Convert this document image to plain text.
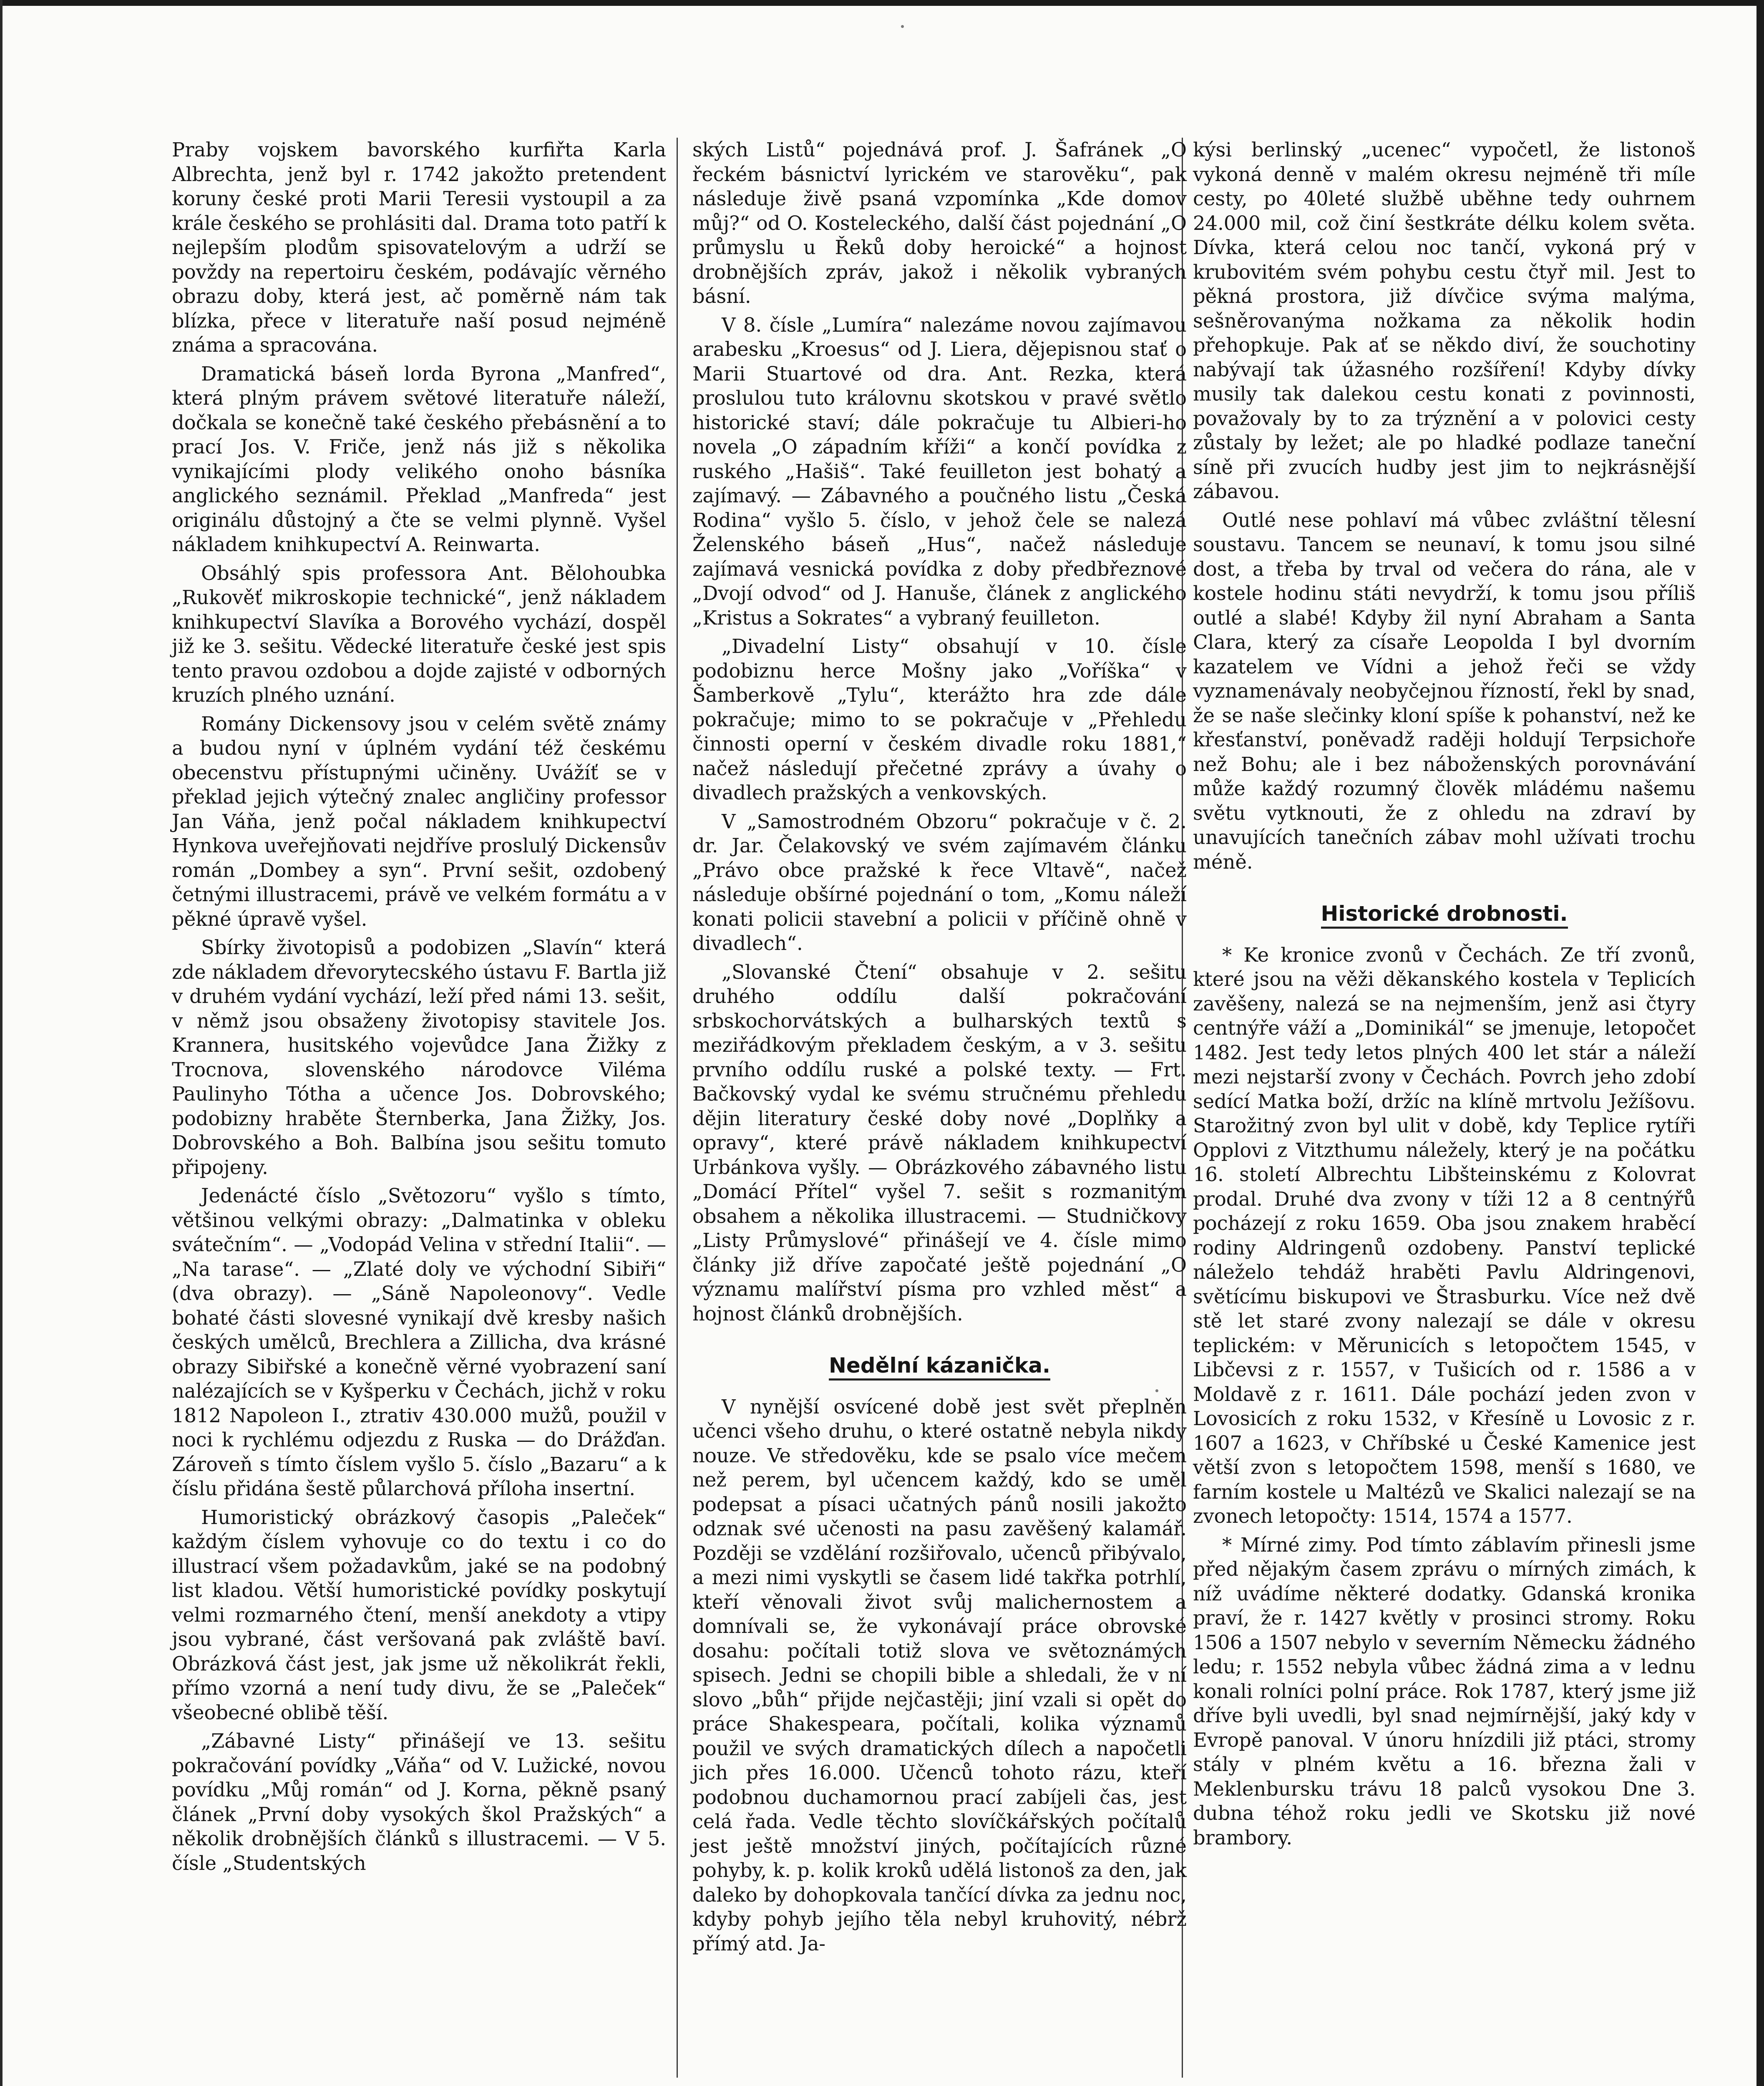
Praby vojskem bavorského kurfiřta Karla Albrechta, jenž byl r. 1742 jakožto pretendent koruny české proti Marii Teresii vystoupil a za krále českého se prohlásiti dal. Drama toto patří k nejlepším plodům spisovatelovým a udrží se povždy na repertoiru českém, podávajíc věrného obrazu doby, která jest, ač poměrně nám tak blízka, přece v literatuře naší posud nejméně známa a spracována.

Dramatická báseň lorda Byrona „Manfred“, která plným právem světové literatuře náleží, dočkala se konečně také českého přebásnění a to prací Jos. V. Friče, jenž nás již s několika vynikajícími plody velikého onoho básníka anglického seznámil. Překlad „Manfreda“ jest originálu důstojný a čte se velmi plynně. Vyšel nákladem knihkupectví A. Reinwarta.

Obsáhlý spis professora Ant. Bělohoubka „Rukověť mikroskopie technické“, jenž nákladem knihkupectví Slavíka a Borového vychází, dospěl již ke 3. sešitu. Vědecké literatuře české jest spis tento pravou ozdobou a dojde zajisté v odborných kruzích plného uznání.

Romány Dickensovy jsou v celém světě známy a budou nyní v úplném vydání též českému obecenstvu přístupnými učiněny. Uvážíť se v překlad jejich výtečný znalec angličiny professor Jan Váňa, jenž počal nákladem knihkupectví Hynkova uveřejňovati nejdříve proslulý Dickensův román „Dombey a syn“. První sešit, ozdobený četnými illustracemi, právě ve velkém formátu a v pěkné úpravě vyšel.

Sbírky životopisů a podobizen „Slavín“ která zde nákladem dřevorytecského ústavu F. Bartla již v druhém vydání vychází, leží před námi 13. sešit, v němž jsou obsaženy životopisy stavitele Jos. Krannera, husitského vojevůdce Jana Žižky z Trocnova, slovenského národovce Viléma Paulinyho Tótha a učence Jos. Dobrovského; podobizny hraběte Šternberka, Jana Žižky, Jos. Dobrovského a Boh. Balbína jsou sešitu tomuto připojeny.

Jedenácté číslo „Světozoru“ vyšlo s tímto, většinou velkými obrazy: „Dalmatinka v obleku svátečním“. — „Vodopád Velina v střední Italii“. — „Na tarase“. — „Zlaté doly ve východní Sibiři“ (dva obrazy). — „Sáně Napoleonovy“. Vedle bohaté části slovesné vynikají dvě kresby našich českých umělců, Brechlera a Zillicha, dva krásné obrazy Sibiřské a konečně věrné vyobrazení saní nalézajících se v Kyšperku v Čechách, jichž v roku 1812 Napoleon I., ztrativ 430.000 mužů, použil v noci k rychlému odjezdu z Ruska — do Drážďan. Zároveň s tímto číslem vyšlo 5. číslo „Bazaru“ a k číslu přidána šestě půlarchová příloha insertní.

Humoristický obrázkový časopis „Paleček“ každým číslem vyhovuje co do textu i co do illustrací všem požadavkům, jaké se na podobný list kladou. Větší humoristické povídky poskytují velmi rozmarného čtení, menší anekdoty a vtipy jsou vybrané, část veršovaná pak zvláště baví. Obrázková část jest, jak jsme už několikrát řekli, přímo vzorná a není tudy divu, že se „Paleček“ všeobecné oblibě těší.

„Zábavné Listy“ přinášejí ve 13. sešitu pokračování povídky „Váňa“ od V. Lužické, novou povídku „Můj román“ od J. Korna, pěkně psaný článek „První doby vysokých škol Pražských“ a několik drobnějších článků s illustracemi. — V 5. čísle „Studentských

ských Listů“ pojednává prof. J. Šafránek „O řeckém básnictví lyrickém ve starověku“, pak následuje živě psaná vzpomínka „Kde domov můj?“ od O. Kosteleckého, další část pojednání „O průmyslu u Řeků doby heroické“ a hojnost drobnějších zpráv, jakož i několik vybraných básní.

V 8. čísle „Lumíra“ nalezáme novou zajímavou arabesku „Kroesus“ od J. Liera, dějepisnou stať o Marii Stuartové od dra. Ant. Rezka, která proslulou tuto královnu skotskou v pravé světlo historické staví; dále pokračuje tu Albieri-ho novela „O západním kříži“ a končí povídka z ruského „Hašiš“. Také feuilleton jest bohatý a zajímavý. — Zábavného a poučného listu „Česká Rodina“ vyšlo 5. číslo, v jehož čele se nalezá Želenského báseň „Hus“, načež následuje zajímavá vesnická povídka z doby předbřeznové „Dvojí odvod“ od J. Hanuše, článek z anglického „Kristus a Sokrates“ a vybraný feuilleton.

„Divadelní Listy“ obsahují v 10. čísle podobiznu herce Mošny jako „Voříška“ v Šamberkově „Tylu“, kterážto hra zde dále pokračuje; mimo to se pokračuje v „Přehledu činnosti operní v českém divadle roku 1881,“ načež následují přečetné zprávy a úvahy o divadlech pražských a venkovských.

V „Samostrodném Obzoru“ pokračuje v č. 2. dr. Jar. Čelakovský ve svém zajímavém článku „Právo obce pražské k řece Vltavě“, načež následuje obšírné pojednání o tom, „Komu náleží konati policii stavební a policii v příčině ohně v divadlech“.

„Slovanské Čtení“ obsahuje v 2. sešitu druhého oddílu další pokračování srbskochorvátských a bulharských textů s meziřádkovým překladem českým, a v 3. sešitu prvního oddílu ruské a polské texty. — Frt. Bačkovský vydal ke svému stručnému přehledu dějin literatury české doby nové „Doplňky a opravy“, které právě nákladem knihkupectví Urbánkova vyšly. — Obrázkového zábavného listu „Domácí Přítel“ vyšel 7. sešit s rozmanitým obsahem a několika illustracemi. — Studničkovy „Listy Průmyslové“ přinášejí ve 4. čísle mimo články již dříve započaté ještě pojednání „O významu malířství písma pro vzhled měst“ a hojnost článků drobnějších.

Nedělní kázanička.

V nynější osvícené době jest svět přeplněn učenci všeho druhu, o které ostatně nebyla nikdy nouze. Ve středověku, kde se psalo více mečem než perem, byl učencem každý, kdo se uměl podepsat a písaci učatných pánů nosili jakožto odznak své učenosti na pasu zavěšený kalamář. Později se vzdělání rozšiřovalo, učenců přibývalo, a mezi nimi vyskytli se časem lidé takřka potrhlí, kteří věnovali život svůj malichernostem a domnívali se, že vykonávají práce obrovské dosahu: počítali totiž slova ve světoznámých spisech. Jedni se chopili bible a shledali, že v ní slovo „bůh“ přijde nejčastěji; jiní vzali si opět do práce Shakespeara, počítali, kolika významů použil ve svých dramatických dílech a napočetli jich přes 16.000. Učenců tohoto rázu, kteří podobnou duchamornou prací zabíjeli čas, jest celá řada. Vedle těchto slovíčkářských počítalů jest ještě množství jiných, počítajících různé pohyby, k. p. kolik kroků udělá listonoš za den, jak daleko by dohopkovala tančící dívka za jednu noc, kdyby pohyb jejího těla nebyl kruhovitý, nébrž přímý atd. Ja-

kýsi berlinský „ucenec“ vypočetl, že listonoš vykoná denně v malém okresu nejméně tři míle cesty, po 40leté službě uběhne tedy ouhrnem 24.000 mil, což činí šestkráte délku kolem světa. Dívka, která celou noc tančí, vykoná prý v krubovitém svém pohybu cestu čtyř mil. Jest to pěkná prostora, již dívčice svýma malýma, sešněrovanýma nožkama za několik hodin přehopkuje. Pak ať se někdo diví, že souchotiny nabývají tak úžasného rozšíření! Kdyby dívky musily tak dalekou cestu konati z povinnosti, považovaly by to za trýznění a v polovici cesty zůstaly by ležet; ale po hladké podlaze taneční síně při zvucích hudby jest jim to nejkrásnější zábavou.

Outlé nese pohlaví má vůbec zvláštní tělesní soustavu. Tancem se neunaví, k tomu jsou silné dost, a třeba by trval od večera do rána, ale v kostele hodinu státi nevydrží, k tomu jsou příliš outlé a slabé! Kdyby žil nyní Abraham a Santa Clara, který za císaře Leopolda I byl dvorním kazatelem ve Vídni a jehož řeči se vždy vyznamenávaly neobyčejnou řízností, řekl by snad, že se naše slečinky kloní spíše k pohanství, než ke křesťanství, poněvadž raději holdují Terpsichoře než Bohu; ale i bez náboženských porovnávání může každý rozumný člověk mládému našemu světu vytknouti, že z ohledu na zdraví by unavujících tanečních zábav mohl užívati trochu méně.

Historické drobnosti.

* Ke kronice zvonů v Čechách. Ze tří zvonů, které jsou na věži děkanského kostela v Teplicích zavěšeny, nalezá se na nejmenším, jenž asi čtyry centnýře váží a „Dominikál“ se jmenuje, letopočet 1482. Jest tedy letos plných 400 let stár a náleží mezi nejstarší zvony v Čechách. Povrch jeho zdobí sedící Matka boží, držíc na klíně mrtvolu Ježíšovu. Starožitný zvon byl ulit v době, kdy Teplice rytíři Opplovi z Vitzthumu náležely, který je na počátku 16. století Albrechtu Libšteinskému z Kolovrat prodal. Druhé dva zvony v tíži 12 a 8 centnýřů pocházejí z roku 1659. Oba jsou znakem hraběcí rodiny Aldringenů ozdobeny. Panství teplické náleželo tehdáž hraběti Pavlu Aldringenovi, světícímu biskupovi ve Štrasburku. Více než dvě stě let staré zvony nalezají se dále v okresu teplickém: v Měrunicích s letopočtem 1545, v Libčevsi z r. 1557, v Tušicích od r. 1586 a v Moldavě z r. 1611. Dále pochází jeden zvon v Lovosicích z roku 1532, v Křesíně u Lovosic z r. 1607 a 1623, v Chříbské u České Kamenice jest větší zvon s letopočtem 1598, menší s 1680, ve farním kostele u Maltézů ve Skalici nalezají se na zvonech letopočty: 1514, 1574 a 1577.

* Mírné zimy. Pod tímto záblavím přinesli jsme před nějakým časem zprávu o mírných zimách, k níž uvádíme některé dodatky. Gdanská kronika praví, že r. 1427 květly v prosinci stromy. Roku 1506 a 1507 nebylo v severním Německu žádného ledu; r. 1552 nebyla vůbec žádná zima a v lednu konali rolníci polní práce. Rok 1787, který jsme již dříve byli uvedli, byl snad nejmírnější, jaký kdy v Evropě panoval. V únoru hnízdili již ptáci, stromy stály v plném květu a 16. března žali v Meklenbursku trávu 18 palců vysokou Dne 3. dubna téhož roku jedli ve Skotsku již nové brambory.
